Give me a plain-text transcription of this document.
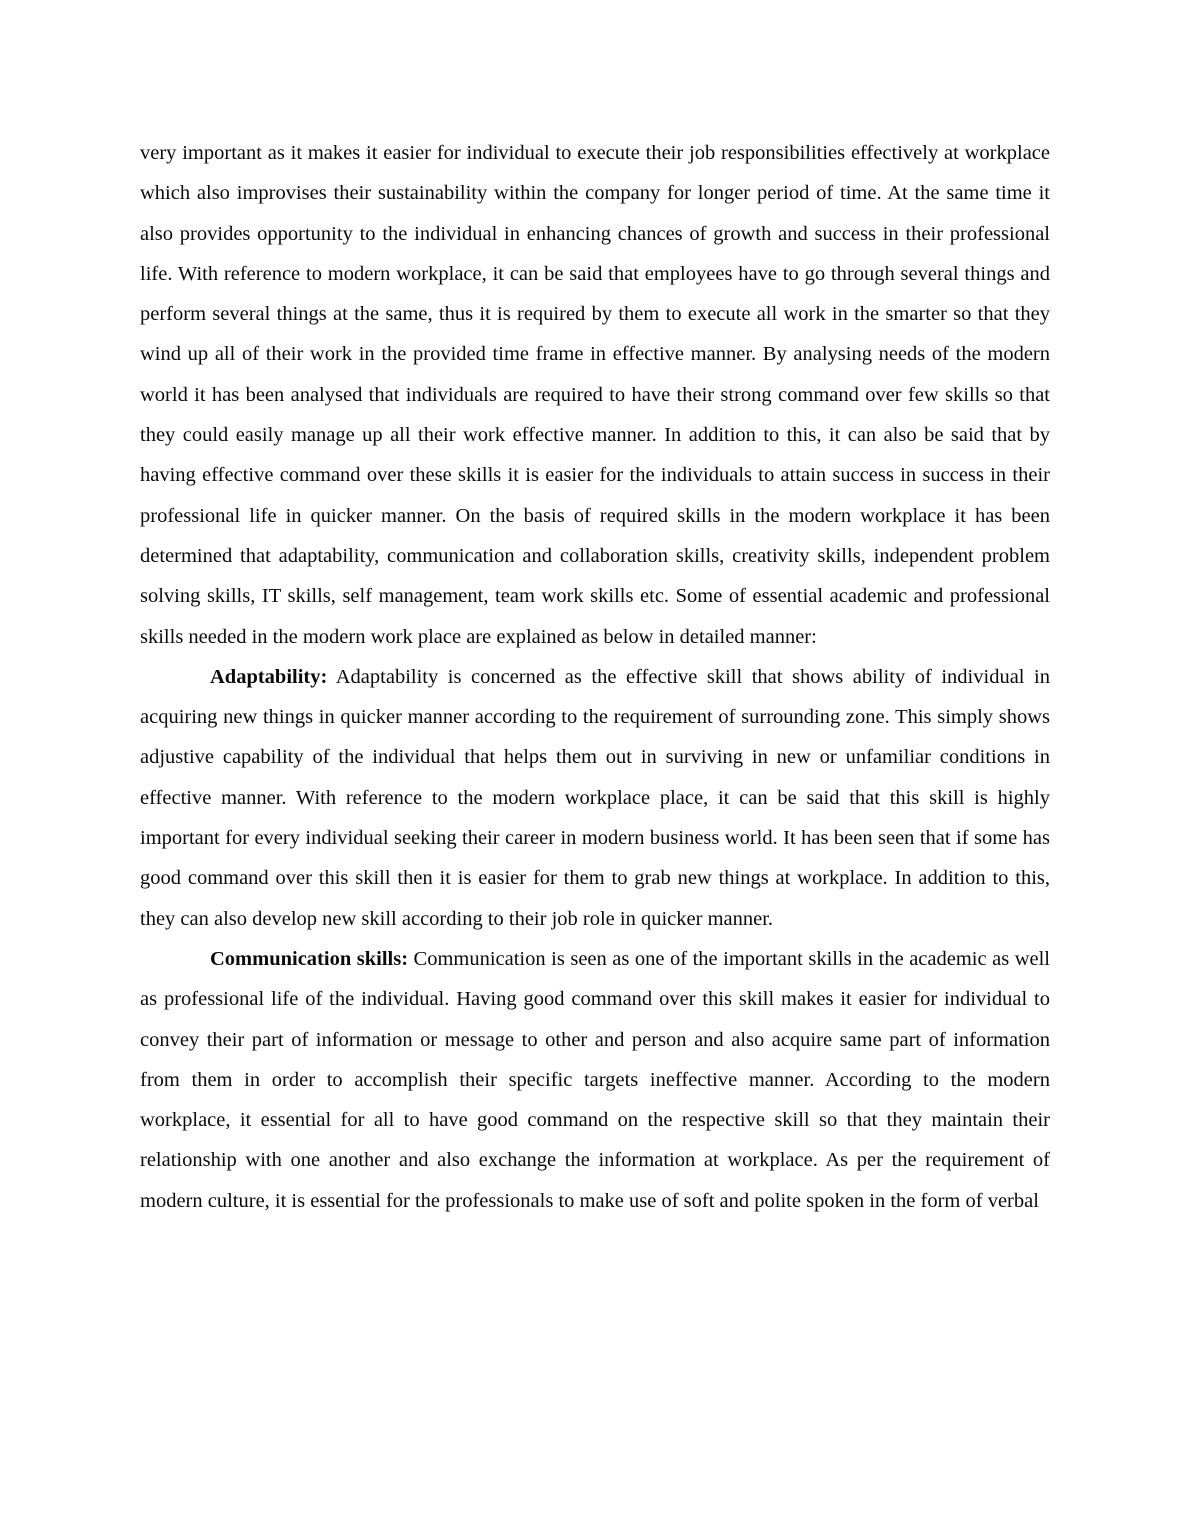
very important as it makes it easier for individual to execute their job responsibilities effectively at workplace which also improvises their sustainability within the company for longer period of time. At the same time it also provides opportunity to the individual in enhancing chances of growth and success in their professional life. With reference to modern workplace, it can be said that employees have to go through several things and perform several things at the same, thus it is required by them to execute all work in the smarter so that they wind up all of their work in the provided time frame in effective manner. By analysing needs of the modern world it has been analysed that individuals are required to have their strong command over few skills so that they could easily manage up all their work effective manner. In addition to this, it can also be said that by having effective command over these skills it is easier for the individuals to attain success in success in their professional life in quicker manner. On the basis of required skills in the modern workplace it has been determined that adaptability, communication and collaboration skills, creativity skills, independent problem solving skills, IT skills, self management, team work skills etc. Some of essential academic and professional skills needed in the modern work place are explained as below in detailed manner:

Adaptability: Adaptability is concerned as the effective skill that shows ability of individual in acquiring new things in quicker manner according to the requirement of surrounding zone. This simply shows adjustive capability of the individual that helps them out in surviving in new or unfamiliar conditions in effective manner. With reference to the modern workplace place, it can be said that this skill is highly important for every individual seeking their career in modern business world. It has been seen that if some has good command over this skill then it is easier for them to grab new things at workplace. In addition to this, they can also develop new skill according to their job role in quicker manner.

Communication skills: Communication is seen as one of the important skills in the academic as well as professional life of the individual. Having good command over this skill makes it easier for individual to convey their part of information or message to other and person and also acquire same part of information from them in order to accomplish their specific targets ineffective manner. According to the modern workplace, it essential for all to have good command on the respective skill so that they maintain their relationship with one another and also exchange the information at workplace. As per the requirement of modern culture, it is essential for the professionals to make use of soft and polite spoken in the form of verbal
